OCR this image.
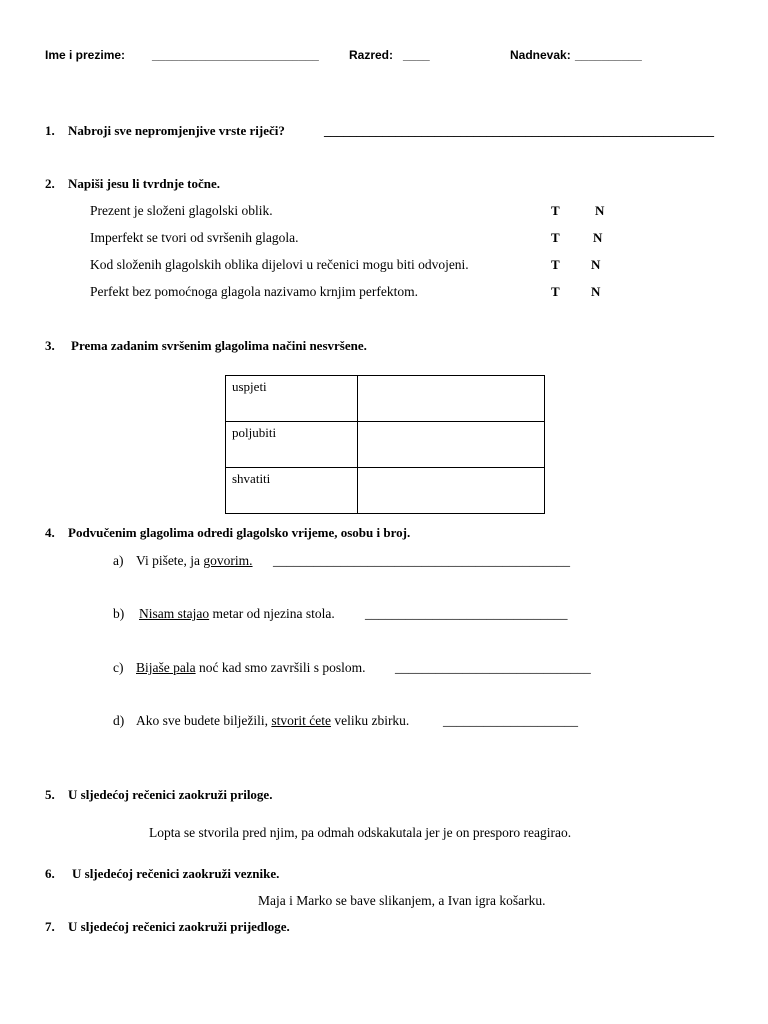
Ime i prezime: _________________________	Razred: ____	Nadnevak: __________
1. Nabroji sve nepromjenjive vrste riječi?	____________________________________________________________
2. Napiši jesu li tvrdnje točne.
Prezent je složeni glagolski oblik.	T	N
Imperfekt se tvori od svršenih glagola.	T	N
Kod složenih glagolskih oblika dijelovi u rečenici mogu biti odvojeni.	T N
Perfekt bez pomoćnoga glagola nazivamo krnjim perfektom.	T N
3. Prema zadanim svršenim glagolima načini nesvršene.
uspjeti	
poljubiti	
shvatiti	
4. Podvučenim glagolima odredi glagolsko vrijeme, osobu i broj.
a) Vi pišete, ja govorim. ____________________________________________
b) Nisam stajao metar od njezina stola. ______________________________
c) Bijaše pala noć kad smo završili s poslom. _____________________________
d) Ako sve budete bilježili, stvorit ćete veliku zbirku. ____________________
5. U sljedećoj rečenici zaokruži priloge.
Lopta se stvorila pred njim, pa odmah odskakutala jer je on presporo reagirao.
6. U sljedećoj rečenici zaokruži veznike.
Maja i Marko se bave slikanjem, a Ivan igra košarku.
7. U sljedećoj rečenici zaokruži prijedloge.
